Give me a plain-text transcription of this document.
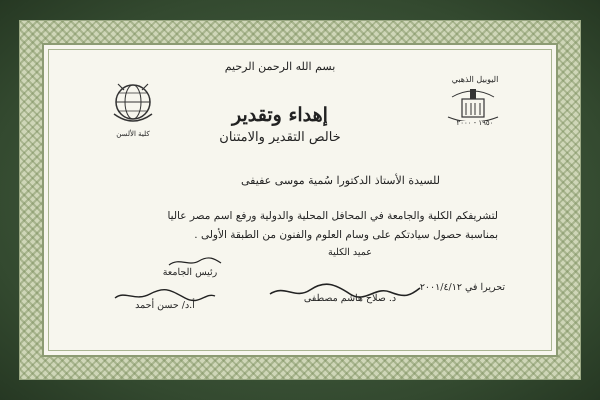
كلية الألسن
اليوبيل الذهبي
١٩٥٠ - ٢٠٠٠
بسم الله الرحمن الرحيم
إهداء وتقدير
خالص التقدير والامتنان
للسيدة الأستاذ الدكتورا سُمية موسى عفيفى
لتشريفكم الكلية والجامعة في المحافل المحلية والدولية ورفع اسم مصر عاليا
بمناسبة حصول سيادتكم على وسام العلوم والفنون من الطبقة الأولى .
عميد الكلية
رئيس الجامعة
تحريرا في ٢٠٠١/٤/١٢
د. صلاح هاشم مصطفى
أ.د/ حسن أحمد
